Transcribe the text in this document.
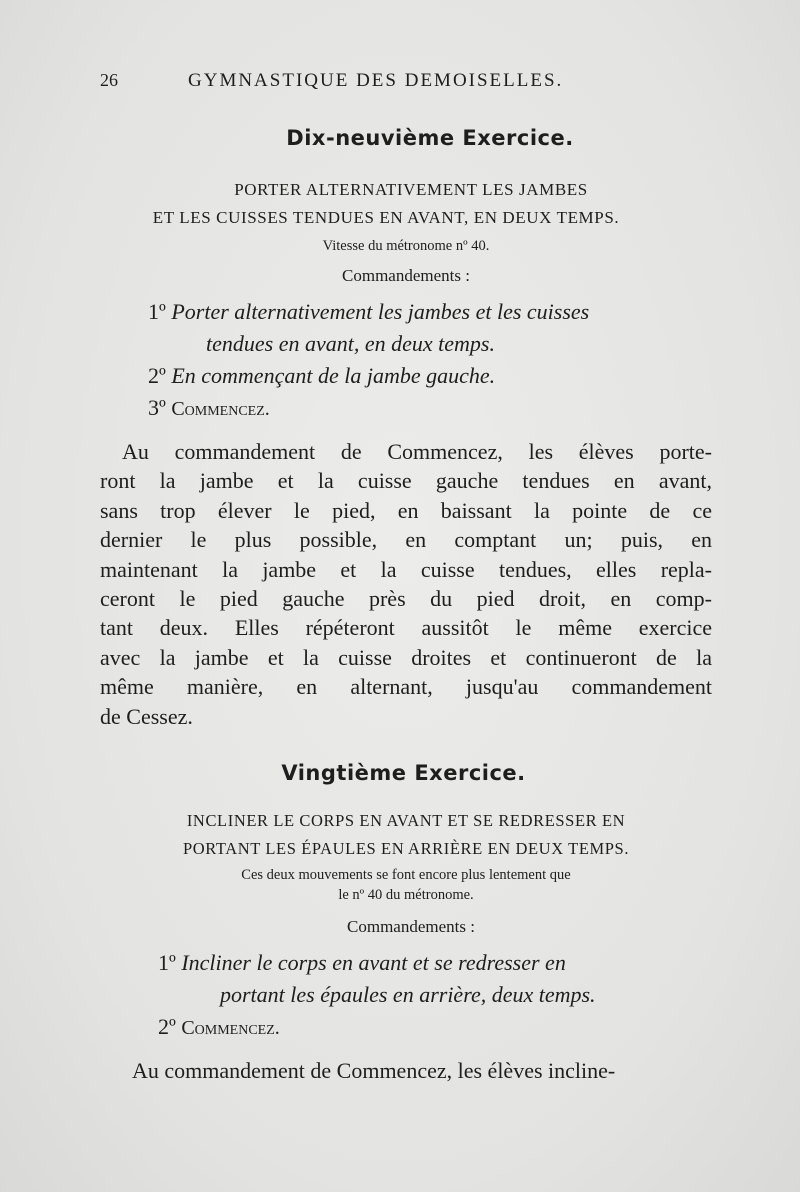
26	GYMNASTIQUE DES DEMOISELLES.
Dix-neuvième Exercice.

PORTER ALTERNATIVEMENT LES JAMBES

ET LES CUISSES TENDUES EN AVANT, EN DEUX TEMPS.

Vitesse du métronome nº 40.

Commandements :

1º Porter alternativement les jambes et les cuisses
tendues en avant, en deux temps.
2º En commençant de la jambe gauche.
3º Commencez.

Au commandement de Commencez, les élèves porte-

ront la jambe et la cuisse gauche tendues en avant,

sans trop élever le pied, en baissant la pointe de ce

dernier le plus possible, en comptant un; puis, en

maintenant la jambe et la cuisse tendues, elles repla-

ceront le pied gauche près du pied droit, en comp-

tant deux. Elles répéteront aussitôt le même exercice

avec la jambe et la cuisse droites et continueront de la

même manière, en alternant, jusqu'au commandement

de Cessez.

Vingtième Exercice.

INCLINER LE CORPS EN AVANT ET SE REDRESSER EN

PORTANT LES ÉPAULES EN ARRIÈRE EN DEUX TEMPS.

Ces deux mouvements se font encore plus lentement que

le nº 40 du métronome.

Commandements :

1º Incliner le corps en avant et se redresser en
portant les épaules en arrière, deux temps.
2º Commencez.

Au commandement de Commencez, les élèves incline-
